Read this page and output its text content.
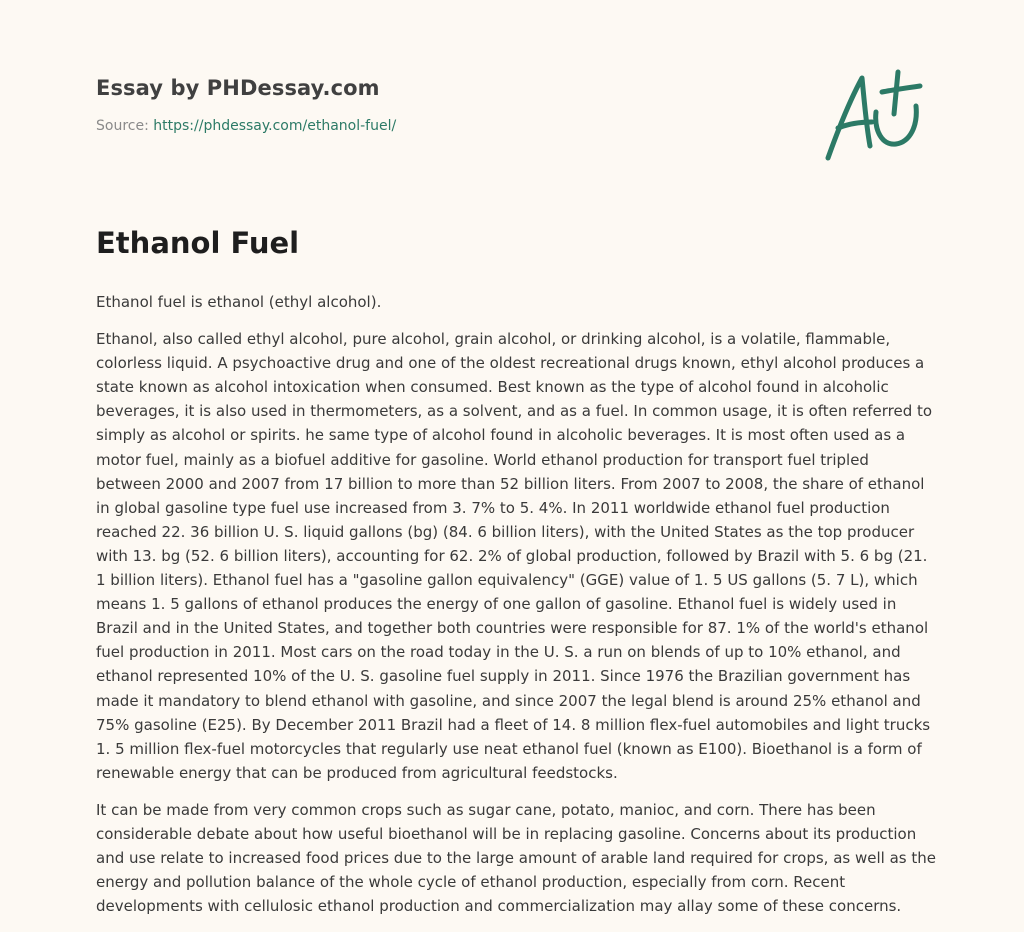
Essay by PHDessay.com
Source: https://phdessay.com/ethanol-fuel/
Ethanol Fuel

Ethanol fuel is ethanol (ethyl alcohol).

Ethanol, also called ethyl alcohol, pure alcohol, grain alcohol, or drinking alcohol, is a volatile, flammable, colorless liquid. A psychoactive drug and one of the oldest recreational drugs known, ethyl alcohol produces a state known as alcohol intoxication when consumed. Best known as the type of alcohol found in alcoholic beverages, it is also used in thermometers, as a solvent, and as a fuel. In common usage, it is often referred to simply as alcohol or spirits. he same type of alcohol found in alcoholic beverages. It is most often used as a motor fuel, mainly as a biofuel additive for gasoline. World ethanol production for transport fuel tripled between 2000 and 2007 from 17 billion to more than 52 billion liters. From 2007 to 2008, the share of ethanol in global gasoline type fuel use increased from 3. 7% to 5. 4%. In 2011 worldwide ethanol fuel production reached 22. 36 billion U. S. liquid gallons (bg) (84. 6 billion liters), with the United States as the top producer with 13. bg (52. 6 billion liters), accounting for 62. 2% of global production, followed by Brazil with 5. 6 bg (21. 1 billion liters). Ethanol fuel has a "gasoline gallon equivalency" (GGE) value of 1. 5 US gallons (5. 7 L), which means 1. 5 gallons of ethanol produces the energy of one gallon of gasoline. Ethanol fuel is widely used in Brazil and in the United States, and together both countries were responsible for 87. 1% of the world's ethanol fuel production in 2011. Most cars on the road today in the U. S. a run on blends of up to 10% ethanol, and ethanol represented 10% of the U. S. gasoline fuel supply in 2011. Since 1976 the Brazilian government has made it mandatory to blend ethanol with gasoline, and since 2007 the legal blend is around 25% ethanol and 75% gasoline (E25). By December 2011 Brazil had a fleet of 14. 8 million flex-fuel automobiles and light trucks 1. 5 million flex-fuel motorcycles that regularly use neat ethanol fuel (known as E100). Bioethanol is a form of renewable energy that can be produced from agricultural feedstocks.

It can be made from very common crops such as sugar cane, potato, manioc, and corn. There has been considerable debate about how useful bioethanol will be in replacing gasoline. Concerns about its production and use relate to increased food prices due to the large amount of arable land required for crops, as well as the energy and pollution balance of the whole cycle of ethanol production, especially from corn. Recent developments with cellulosic ethanol production and commercialization may allay some of these concerns.
